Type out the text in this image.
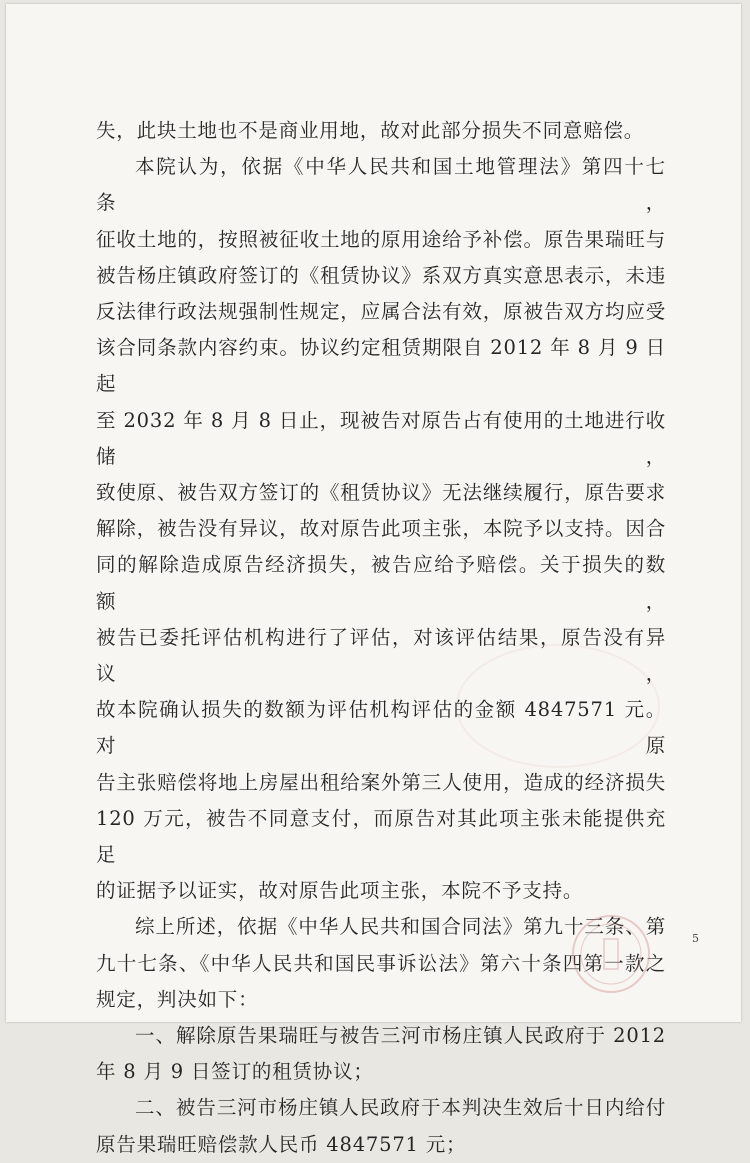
失，此块土地也不是商业用地，故对此部分损失不同意赔偿。

本院认为，依据《中华人民共和国土地管理法》第四十七条，

征收土地的，按照被征收土地的原用途给予补偿。原告果瑞旺与

被告杨庄镇政府签订的《租赁协议》系双方真实意思表示，未违

反法律行政法规强制性规定，应属合法有效，原被告双方均应受

该合同条款内容约束。协议约定租赁期限自 2012 年 8 月 9 日起

至 2032 年 8 月 8 日止，现被告对原告占有使用的土地进行收储，

致使原、被告双方签订的《租赁协议》无法继续履行，原告要求

解除，被告没有异议，故对原告此项主张，本院予以支持。因合

同的解除造成原告经济损失，被告应给予赔偿。关于损失的数额，

被告已委托评估机构进行了评估，对该评估结果，原告没有异议，

故本院确认损失的数额为评估机构评估的金额 4847571 元。对原

告主张赔偿将地上房屋出租给案外第三人使用，造成的经济损失

120 万元，被告不同意支付，而原告对其此项主张未能提供充足

的证据予以证实，故对原告此项主张，本院不予支持。

综上所述，依据《中华人民共和国合同法》第九十三条、第

九十七条、《中华人民共和国民事诉讼法》第六十条四第一款之

规定，判决如下：

一、解除原告果瑞旺与被告三河市杨庄镇人民政府于 2012

年 8 月 9 日签订的租赁协议；

二、被告三河市杨庄镇人民政府于本判决生效后十日内给付

原告果瑞旺赔偿款人民币 4847571 元；

5
